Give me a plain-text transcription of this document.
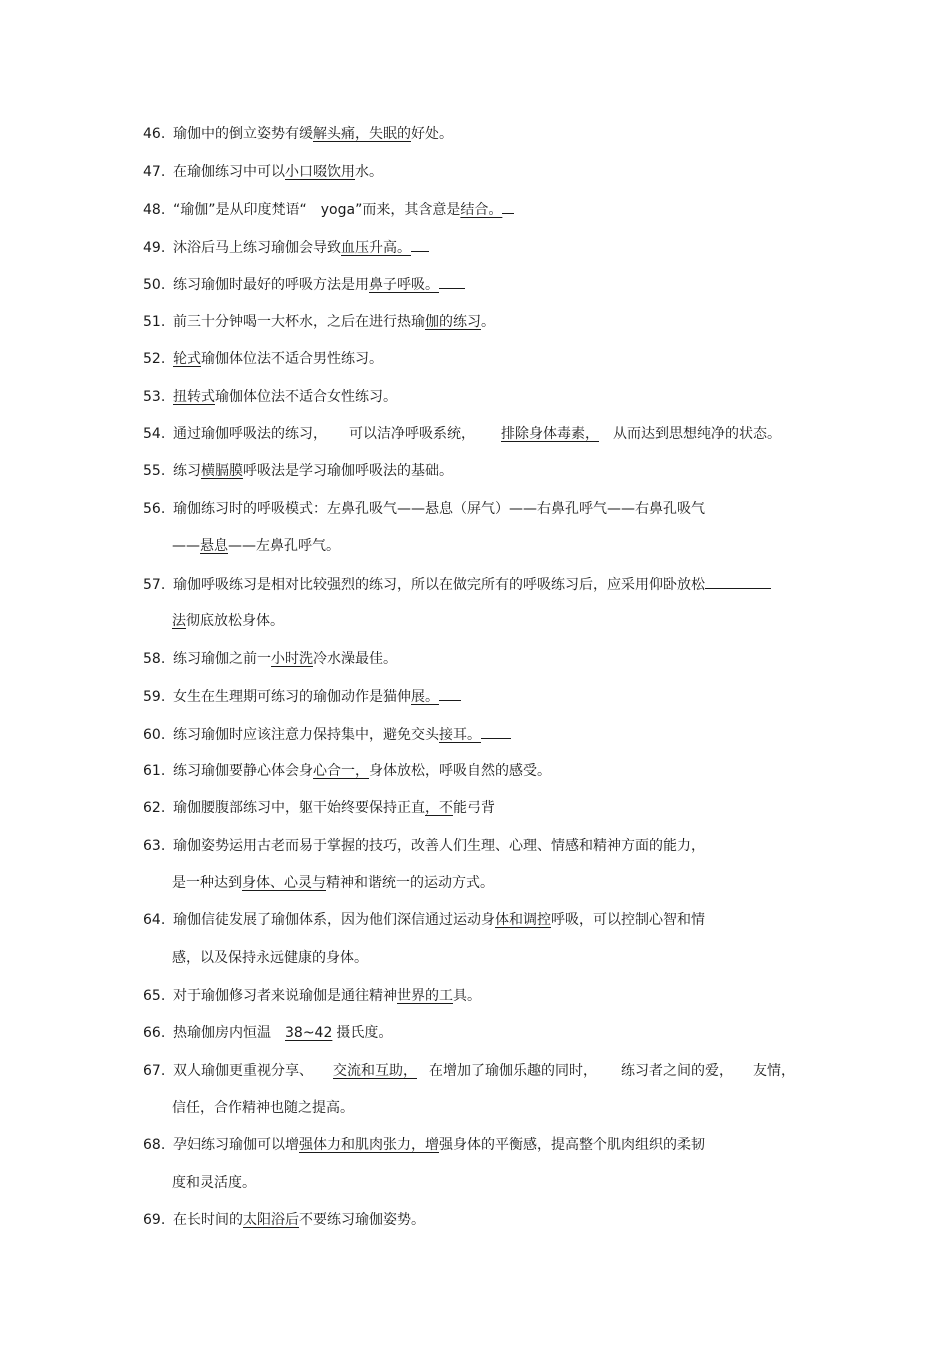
46. 瑜伽中的倒立姿势有缓解头痛，失眠的好处。
47. 在瑜伽练习中可以小口啜饮用水。
48. “瑜伽”是从印度梵语“ yoga”而来，其含意是结合。
49. 沐浴后马上练习瑜伽会导致血压升高。
50. 练习瑜伽时最好的呼吸方法是用鼻子呼吸。
51. 前三十分钟喝一大杯水，之后在进行热瑜伽的练习。
52. 轮式瑜伽体位法不适合男性练习。
53. 扭转式瑜伽体位法不适合女性练习。
54. 通过瑜伽呼吸法的练习， 可以洁净呼吸系统， 排除身体毒素， 从而达到思想纯净的状态。
55. 练习横膈膜呼吸法是学习瑜伽呼吸法的基础。
56. 瑜伽练习时的呼吸模式：左鼻孔吸气——悬息（屏气）——右鼻孔呼气——右鼻孔吸气
——悬息——左鼻孔呼气。
57. 瑜伽呼吸练习是相对比较强烈的练习，所以在做完所有的呼吸练习后，应采用仰卧放松
法彻底放松身体。
58. 练习瑜伽之前一小时洗冷水澡最佳。
59. 女生在生理期可练习的瑜伽动作是猫伸展。
60. 练习瑜伽时应该注意力保持集中，避免交头接耳。
61. 练习瑜伽要静心体会身心合一，身体放松，呼吸自然的感受。
62. 瑜伽腰腹部练习中，躯干始终要保持正直，不能弓背
63. 瑜伽姿势运用古老而易于掌握的技巧，改善人们生理、心理、情感和精神方面的能力，
是一种达到身体、心灵与精神和谐统一的运动方式。
64. 瑜伽信徒发展了瑜伽体系，因为他们深信通过运动身体和调控呼吸，可以控制心智和情
感，以及保持永远健康的身体。
65. 对于瑜伽修习者来说瑜伽是通往精神世界的工具。
66. 热瑜伽房内恒温 38~42 摄氏度。
67. 双人瑜伽更重视分享、 交流和互助， 在增加了瑜伽乐趣的同时， 练习者之间的爱， 友情，
信任，合作精神也随之提高。
68. 孕妇练习瑜伽可以增强体力和肌肉张力，增强身体的平衡感，提高整个肌肉组织的柔韧
度和灵活度。
69. 在长时间的太阳浴后不要练习瑜伽姿势。
